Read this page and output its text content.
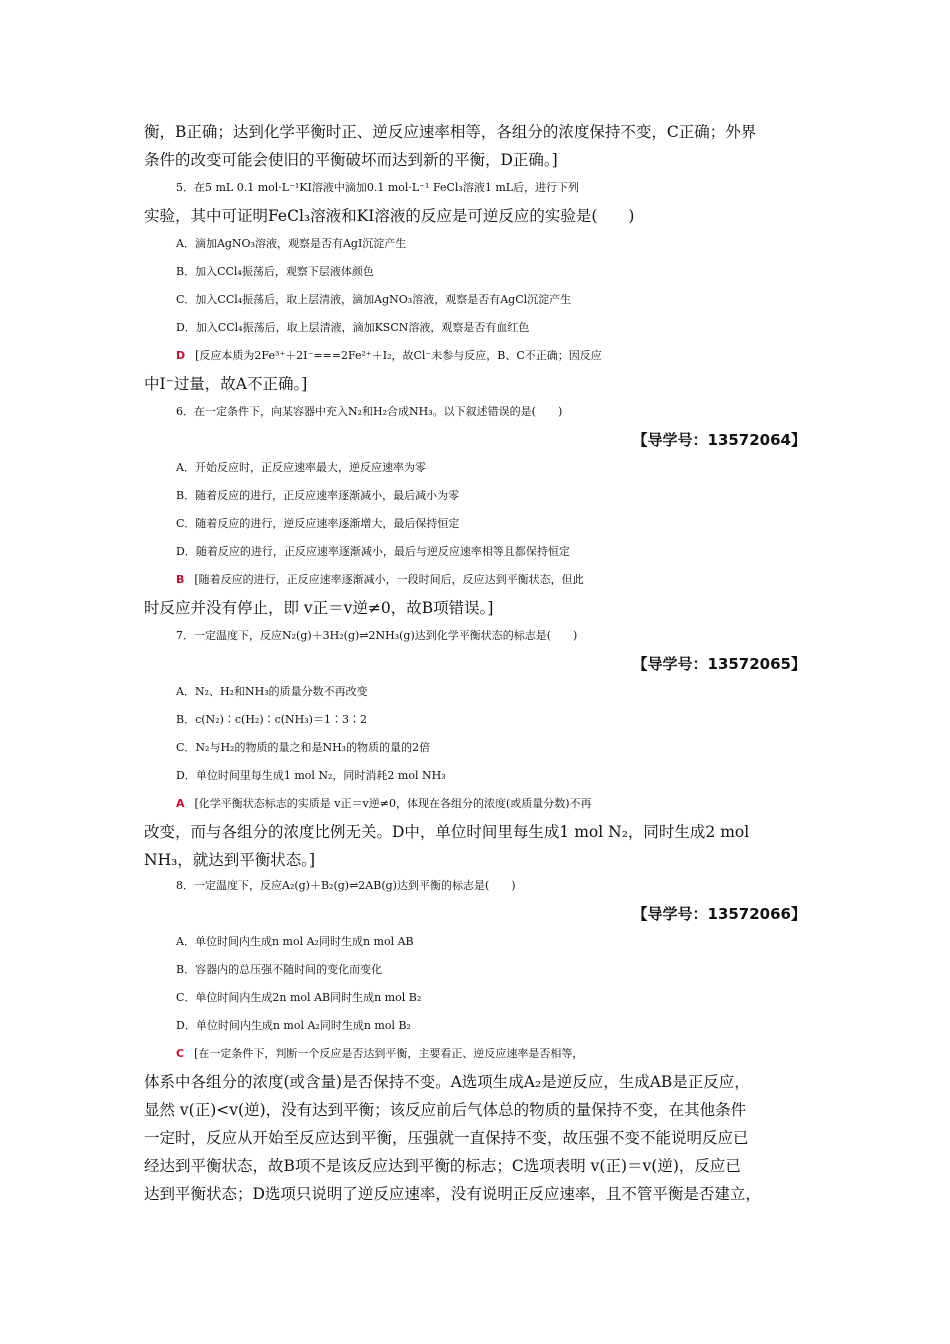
衡，B正确；达到化学平衡时正、逆反应速率相等，各组分的浓度保持不变，C正确；外界
条件的改变可能会使旧的平衡破坏而达到新的平衡，D正确。]
5．在5 mL 0.1 mol·L⁻¹KI溶液中滴加0.1 mol·L⁻¹ FeCl₃溶液1 mL后，进行下列
实验，其中可证明FeCl₃溶液和KI溶液的反应是可逆反应的实验是(　　)
A．滴加AgNO₃溶液，观察是否有AgI沉淀产生
B．加入CCl₄振荡后，观察下层液体颜色
C．加入CCl₄振荡后，取上层清液，滴加AgNO₃溶液，观察是否有AgCl沉淀产生
D．加入CCl₄振荡后，取上层清液，滴加KSCN溶液，观察是否有血红色
D [反应本质为2Fe³⁺＋2I⁻===2Fe²⁺＋I₂，故Cl⁻未参与反应，B、C不正确；因反应
中I⁻过量，故A不正确。]
6．在一定条件下，向某容器中充入N₂和H₂合成NH₃。以下叙述错误的是(　　)
【导学号：13572064】
A．开始反应时，正反应速率最大，逆反应速率为零
B．随着反应的进行，正反应速率逐渐减小，最后减小为零
C．随着反应的进行，逆反应速率逐渐增大，最后保持恒定
D．随着反应的进行，正反应速率逐渐减小，最后与逆反应速率相等且都保持恒定
B [随着反应的进行，正反应速率逐渐减小，一段时间后，反应达到平衡状态，但此
时反应并没有停止，即 v正＝v逆≠0，故B项错误。]
7．一定温度下，反应N₂(g)＋3H₂(g)⇌2NH₃(g)达到化学平衡状态的标志是(　　)
【导学号：13572065】
A．N₂、H₂和NH₃的质量分数不再改变
B．c(N₂)∶c(H₂)∶c(NH₃)＝1∶3∶2
C．N₂与H₂的物质的量之和是NH₃的物质的量的2倍
D．单位时间里每生成1 mol N₂，同时消耗2 mol NH₃
A [化学平衡状态标志的实质是 v正＝v逆≠0，体现在各组分的浓度(或质量分数)不再
改变，而与各组分的浓度比例无关。D中，单位时间里每生成1 mol N₂，同时生成2 mol
NH₃，就达到平衡状态。]
8．一定温度下，反应A₂(g)＋B₂(g)⇌2AB(g)达到平衡的标志是(　　)
【导学号：13572066】
A．单位时间内生成n mol A₂同时生成n mol AB
B．容器内的总压强不随时间的变化而变化
C．单位时间内生成2n mol AB同时生成n mol B₂
D．单位时间内生成n mol A₂同时生成n mol B₂
C [在一定条件下，判断一个反应是否达到平衡，主要看正、逆反应速率是否相等，
体系中各组分的浓度(或含量)是否保持不变。A选项生成A₂是逆反应，生成AB是正反应，
显然 v(正)<v(逆)，没有达到平衡；该反应前后气体总的物质的量保持不变，在其他条件
一定时，反应从开始至反应达到平衡，压强就一直保持不变，故压强不变不能说明反应已
经达到平衡状态，故B项不是该反应达到平衡的标志；C选项表明 v(正)＝v(逆)，反应已
达到平衡状态；D选项只说明了逆反应速率，没有说明正反应速率，且不管平衡是否建立，
